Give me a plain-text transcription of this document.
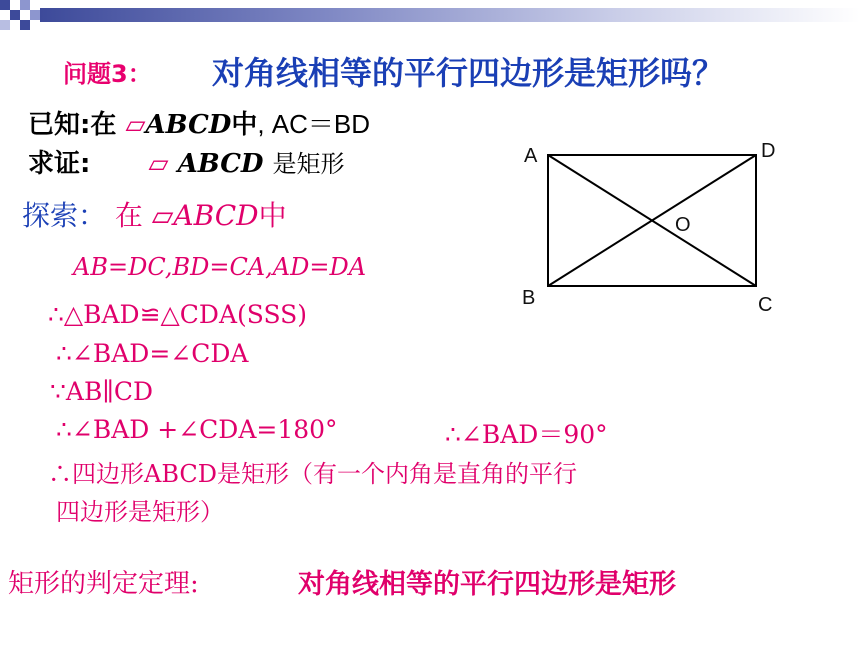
问题3： 对角线相等的平行四边形是矩形吗？
已知:在 ▱ABCD中, AC＝BD
求证: ▱ ABCD 是矩形
探索： 在 ▱ABCD中
AB=DC,BD=CA,AD=DA
∴△BAD≌△CDA(SSS)
∴∠BAD=∠CDA
∵AB∥CD
∴∠BAD +∠CDA=180°	∴∠BAD＝90°
∴四边形ABCD是矩形（有一个内角是直角的平行
四边形是矩形）
矩形的判定定理:	对角线相等的平行四边形是矩形
A	D
O
B	C
